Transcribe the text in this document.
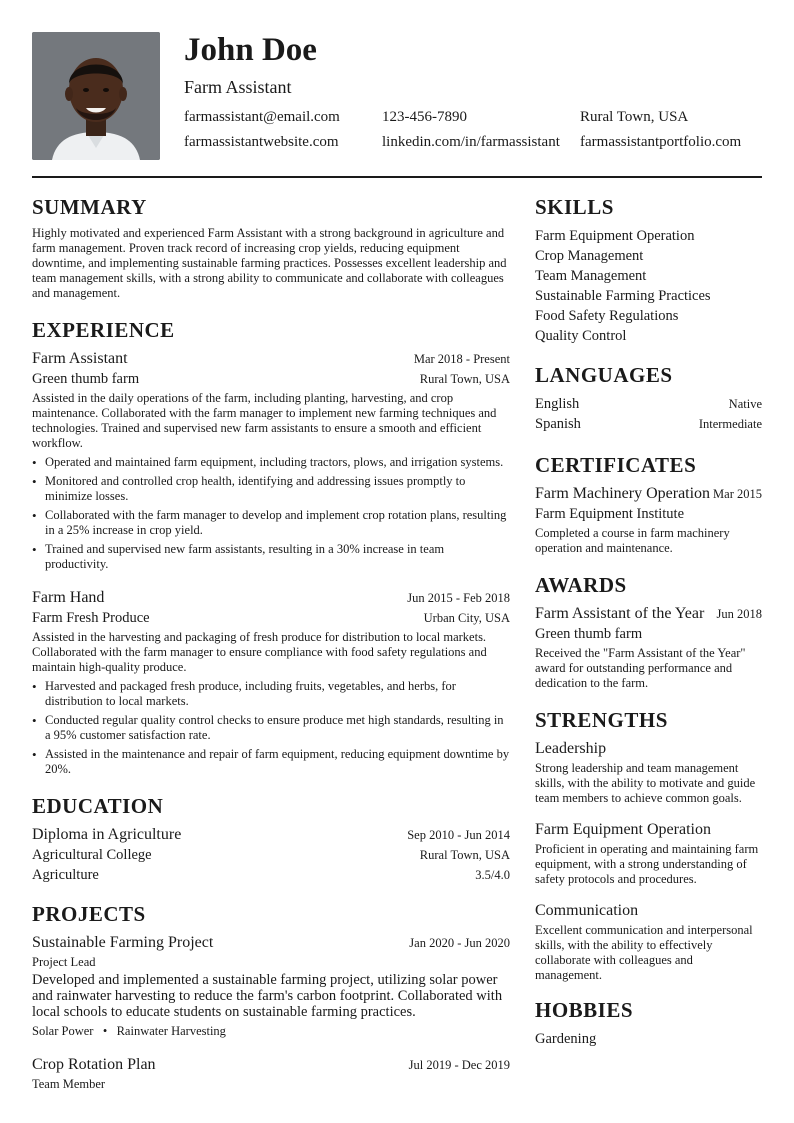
John Doe
Farm Assistant
farmassistant@email.com	123-456-7890	Rural Town, USA
farmassistantwebsite.com	linkedin.com/in/farmassistant	farmassistantportfolio.com
SUMMARY
Highly motivated and experienced Farm Assistant with a strong background in agriculture and farm management. Proven track record of increasing crop yields, reducing equipment downtime, and implementing sustainable farming practices. Possesses excellent leadership and team management skills, with a strong ability to communicate and collaborate with colleagues and management.
EXPERIENCE
Farm Assistant	Mar 2018 - Present
Green thumb farm	Rural Town, USA
Assisted in the daily operations of the farm, including planting, harvesting, and crop maintenance. Collaborated with the farm manager to implement new farming techniques and technologies. Trained and supervised new farm assistants to ensure a smooth and efficient workflow.
• Operated and maintained farm equipment, including tractors, plows, and irrigation systems.
• Monitored and controlled crop health, identifying and addressing issues promptly to minimize losses.
• Collaborated with the farm manager to develop and implement crop rotation plans, resulting in a 25% increase in crop yield.
• Trained and supervised new farm assistants, resulting in a 30% increase in team productivity.
Farm Hand	Jun 2015 - Feb 2018
Farm Fresh Produce	Urban City, USA
Assisted in the harvesting and packaging of fresh produce for distribution to local markets. Collaborated with the farm manager to ensure compliance with food safety regulations and maintain high-quality produce.
• Harvested and packaged fresh produce, including fruits, vegetables, and herbs, for distribution to local markets.
• Conducted regular quality control checks to ensure produce met high standards, resulting in a 95% customer satisfaction rate.
• Assisted in the maintenance and repair of farm equipment, reducing equipment downtime by 20%.
EDUCATION
Diploma in Agriculture	Sep 2010 - Jun 2014
Agricultural College	Rural Town, USA
Agriculture	3.5/4.0
PROJECTS
Sustainable Farming Project	Jan 2020 - Jun 2020
Project Lead
Developed and implemented a sustainable farming project, utilizing solar power and rainwater harvesting to reduce the farm's carbon footprint. Collaborated with local schools to educate students on sustainable farming practices.
Solar Power   •   Rainwater Harvesting
Crop Rotation Plan	Jul 2019 - Dec 2019
Team Member
SKILLS
Farm Equipment Operation
Crop Management
Team Management
Sustainable Farming Practices
Food Safety Regulations
Quality Control
LANGUAGES
English	Native
Spanish	Intermediate
CERTIFICATES
Farm Machinery Operation Mar 2015
Farm Equipment Institute
Completed a course in farm machinery operation and maintenance.
AWARDS
Farm Assistant of the Year Jun 2018
Green thumb farm
Received the "Farm Assistant of the Year" award for outstanding performance and dedication to the farm.
STRENGTHS
Leadership
Strong leadership and team management skills, with the ability to motivate and guide team members to achieve common goals.
Farm Equipment Operation
Proficient in operating and maintaining farm equipment, with a strong understanding of safety protocols and procedures.
Communication
Excellent communication and interpersonal skills, with the ability to effectively collaborate with colleagues and management.
HOBBIES
Gardening
